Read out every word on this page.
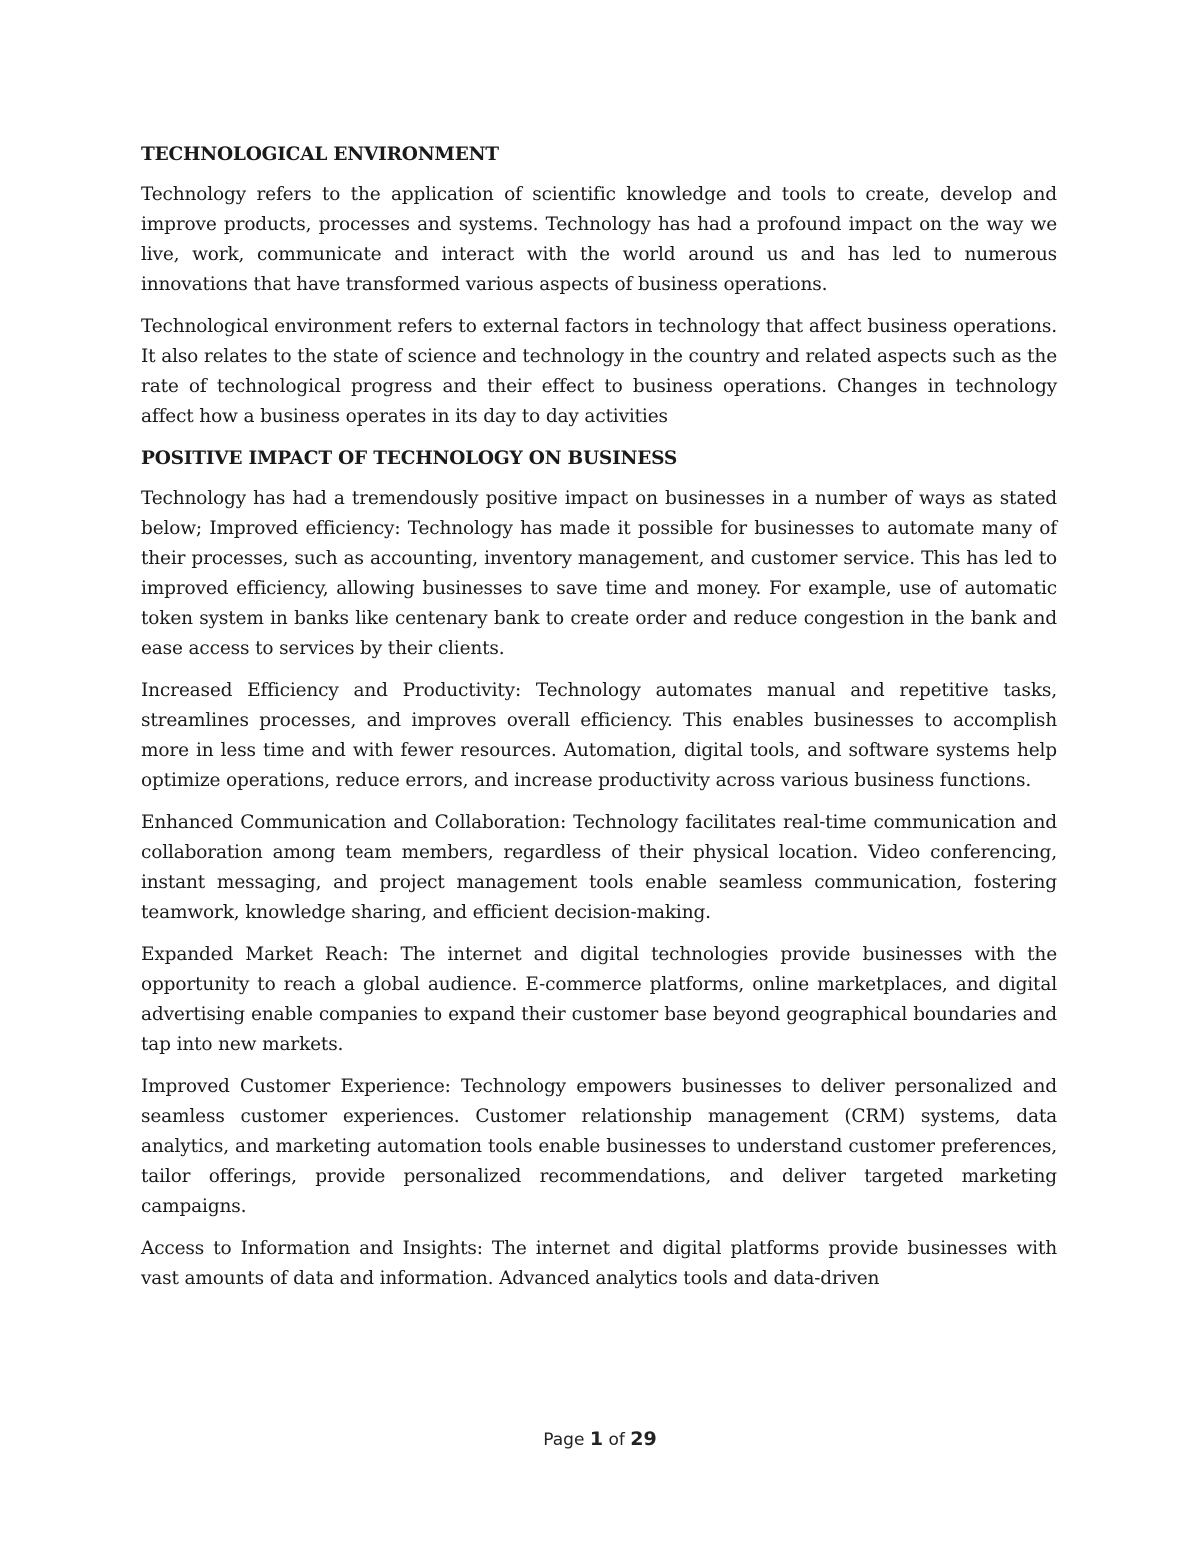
TECHNOLOGICAL ENVIRONMENT

Technology refers to the application of scientific knowledge and tools to create, develop and improve products, processes and systems. Technology has had a profound impact on the way we live, work, communicate and interact with the world around us and has led to numerous innovations that have transformed various aspects of business operations.

Technological environment refers to external factors in technology that affect business operations. It also relates to the state of science and technology in the country and related aspects such as the rate of technological progress and their effect to business operations. Changes in technology affect how a business operates in its day to day activities

POSITIVE IMPACT OF TECHNOLOGY ON BUSINESS

Technology has had a tremendously positive impact on businesses in a number of ways as stated below; Improved efficiency: Technology has made it possible for businesses to automate many of their processes, such as accounting, inventory management, and customer service. This has led to improved efficiency, allowing businesses to save time and money. For example, use of automatic token system in banks like centenary bank to create order and reduce congestion in the bank and ease access to services by their clients.

Increased Efficiency and Productivity: Technology automates manual and repetitive tasks, streamlines processes, and improves overall efficiency. This enables businesses to accomplish more in less time and with fewer resources. Automation, digital tools, and software systems help optimize operations, reduce errors, and increase productivity across various business functions.

Enhanced Communication and Collaboration: Technology facilitates real-time communication and collaboration among team members, regardless of their physical location. Video conferencing, instant messaging, and project management tools enable seamless communication, fostering teamwork, knowledge sharing, and efficient decision-making.

Expanded Market Reach: The internet and digital technologies provide businesses with the opportunity to reach a global audience. E-commerce platforms, online marketplaces, and digital advertising enable companies to expand their customer base beyond geographical boundaries and tap into new markets.

Improved Customer Experience: Technology empowers businesses to deliver personalized and seamless customer experiences. Customer relationship management (CRM) systems, data analytics, and marketing automation tools enable businesses to understand customer preferences, tailor offerings, provide personalized recommendations, and deliver targeted marketing campaigns.

Access to Information and Insights: The internet and digital platforms provide businesses with vast amounts of data and information. Advanced analytics tools and data-driven

Page 1 of 29
